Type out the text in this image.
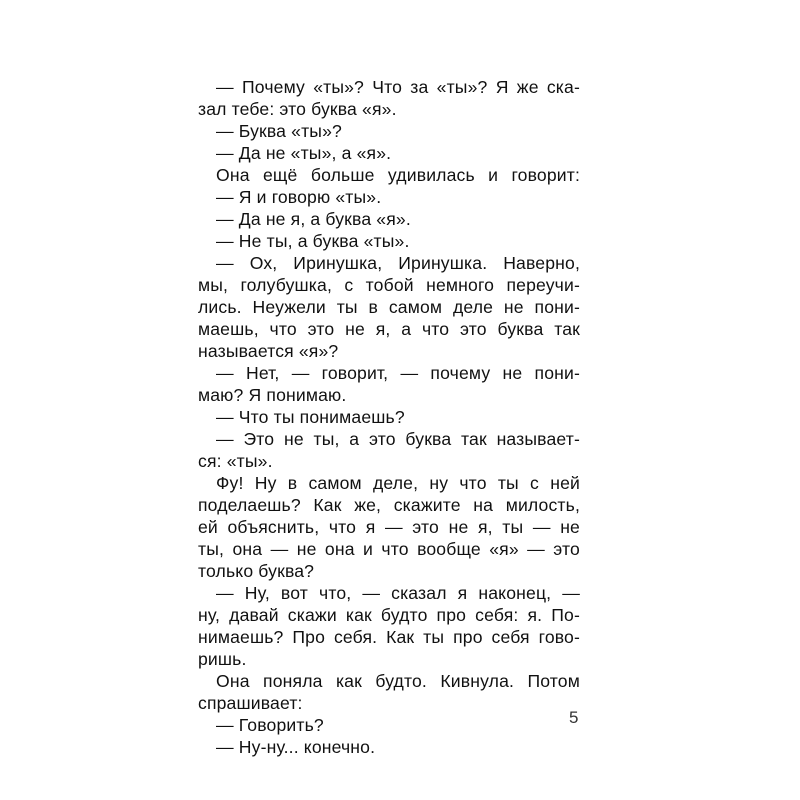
— Почему «ты»? Что за «ты»? Я же ска-
зал тебе: это буква «я».
— Буква «ты»?
— Да не «ты», а «я».
Она ещё больше удивилась и говорит:
— Я и говорю «ты».
— Да не я, а буква «я».
— Не ты, а буква «ты».
— Ох, Иринушка, Иринушка. Наверно,
мы, голубушка, с тобой немного переучи-
лись. Неужели ты в самом деле не пони-
маешь, что это не я, а что это буква так
называется «я»?
— Нет, — говорит, — почему не пони-
маю? Я понимаю.
— Что ты понимаешь?
— Это не ты, а это буква так называет-
ся: «ты».
Фу! Ну в самом деле, ну что ты с ней
поделаешь? Как же, скажите на милость,
ей объяснить, что я — это не я, ты — не
ты, она — не она и что вообще «я» — это
только буква?
— Ну, вот что, — сказал я наконец, —
ну, давай скажи как будто про себя: я. По-
нимаешь? Про себя. Как ты про себя гово-
ришь.
Она поняла как будто. Кивнула. Потом
спрашивает:
— Говорить?
— Ну-ну... конечно.
5
